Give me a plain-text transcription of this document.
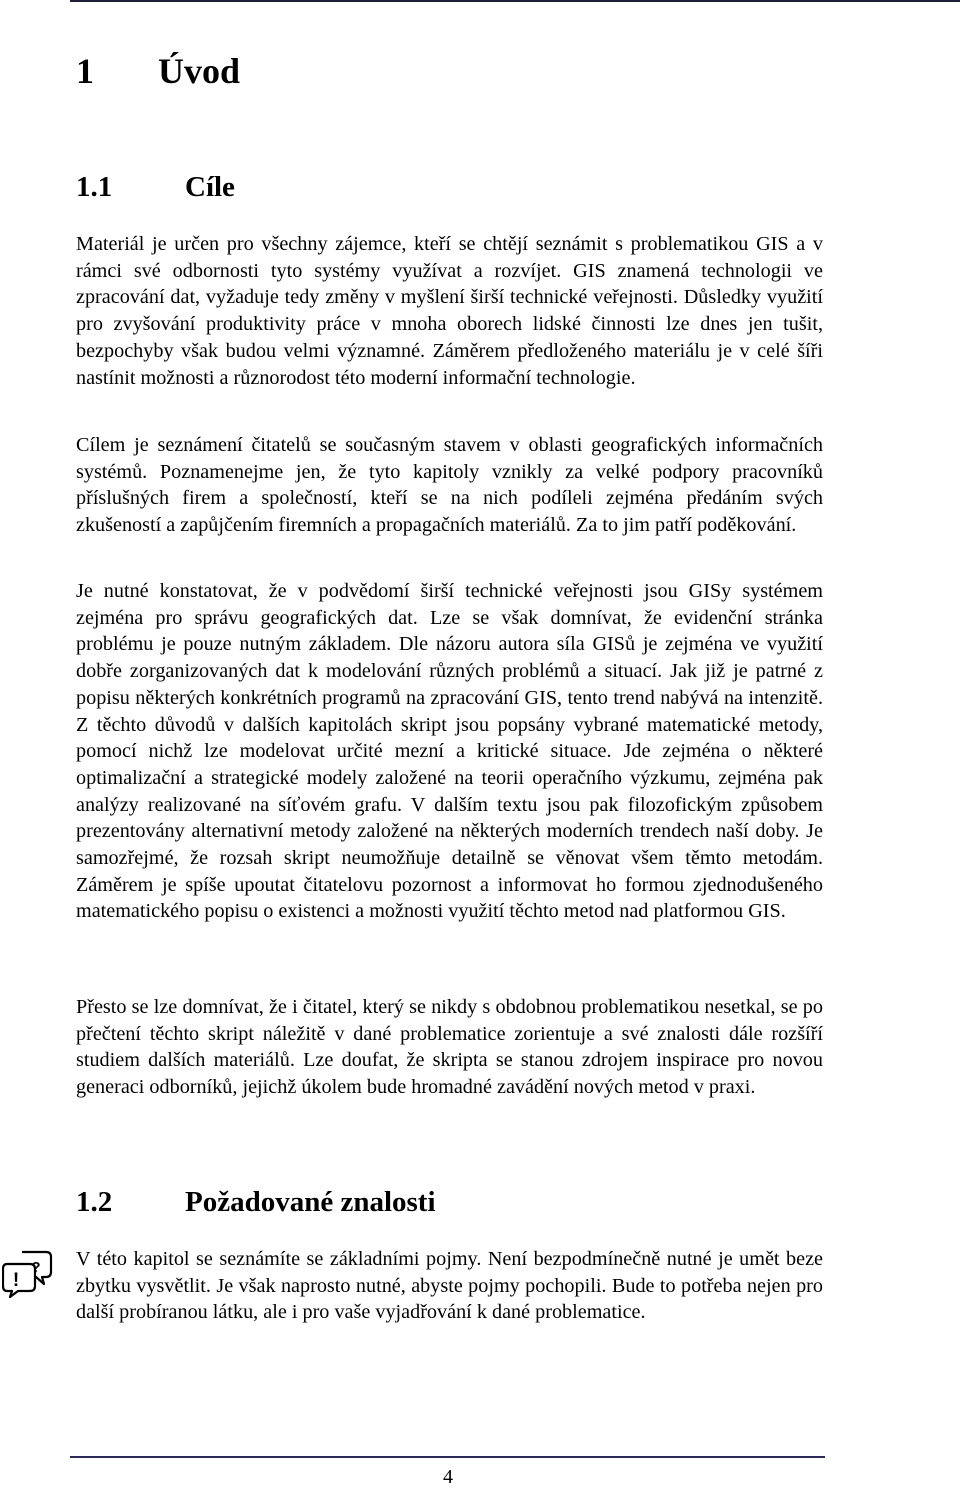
1 Úvod
1.1	Cíle

Materiál je určen pro všechny zájemce, kteří se chtějí seznámit s problematikou GIS a v rámci své odbornosti tyto systémy využívat a rozvíjet. GIS znamená technologii ve zpracování dat, vyžaduje tedy změny v myšlení širší technické veřejnosti. Důsledky využití pro zvyšování produktivity práce v mnoha oborech lidské činnosti lze dnes jen tušit, bezpochyby však budou velmi významné. Záměrem předloženého materiálu je v celé šíři nastínit možnosti a různorodost této moderní informační technologie.

Cílem je seznámení čitatelů se současným stavem v oblasti geografických informačních systémů. Poznamenejme jen, že tyto kapitoly vznikly za velké podpory pracovníků příslušných firem a společností, kteří se na nich podíleli zejména předáním svých zkušeností a zapůjčením firemních a propagačních materiálů. Za to jim patří poděkování.

Je nutné konstatovat, že v podvědomí širší technické veřejnosti jsou GISy systémem zejména pro správu geografických dat. Lze se však domnívat, že evidenční stránka problému je pouze nutným základem. Dle názoru autora síla GISů je zejména ve využití dobře zorganizovaných dat k modelování různých problémů a situací. Jak již je patrné z popisu některých konkrétních programů na zpracování GIS, tento trend nabývá na intenzitě. Z těchto důvodů v dalších kapitolách skript jsou popsány vybrané matematické metody, pomocí nichž lze modelovat určité mezní a kritické situace. Jde zejména o některé optimalizační a strategické modely založené na teorii operačního výzkumu, zejména pak analýzy realizované na síťovém grafu. V dalším textu jsou pak filozofickým způsobem prezentovány alternativní metody založené na některých moderních trendech naší doby. Je samozřejmé, že rozsah skript neumožňuje detailně se věnovat všem těmto metodám. Záměrem je spíše upoutat čitatelovu pozornost a informovat ho formou zjednodušeného matematického popisu o existenci a možnosti využití těchto metod nad platformou GIS.

Přesto se lze domnívat, že i čitatel, který se nikdy s obdobnou problematikou nesetkal, se po přečtení těchto skript náležitě v dané problematice zorientuje a své znalosti dále rozšíří studiem dalších materiálů. Lze doufat, že skripta se stanou zdrojem inspirace pro novou generaci odborníků, jejichž úkolem bude hromadné zavádění nových metod v praxi.

1.2	Požadované znalosti
?
!

V této kapitol se seznámíte se základními pojmy. Není bezpodmínečně nutné je umět beze zbytku vysvětlit. Je však naprosto nutné, abyste pojmy pochopili. Bude to potřeba nejen pro další probíranou látku, ale i pro vaše vyjadřování k dané problematice.

4
